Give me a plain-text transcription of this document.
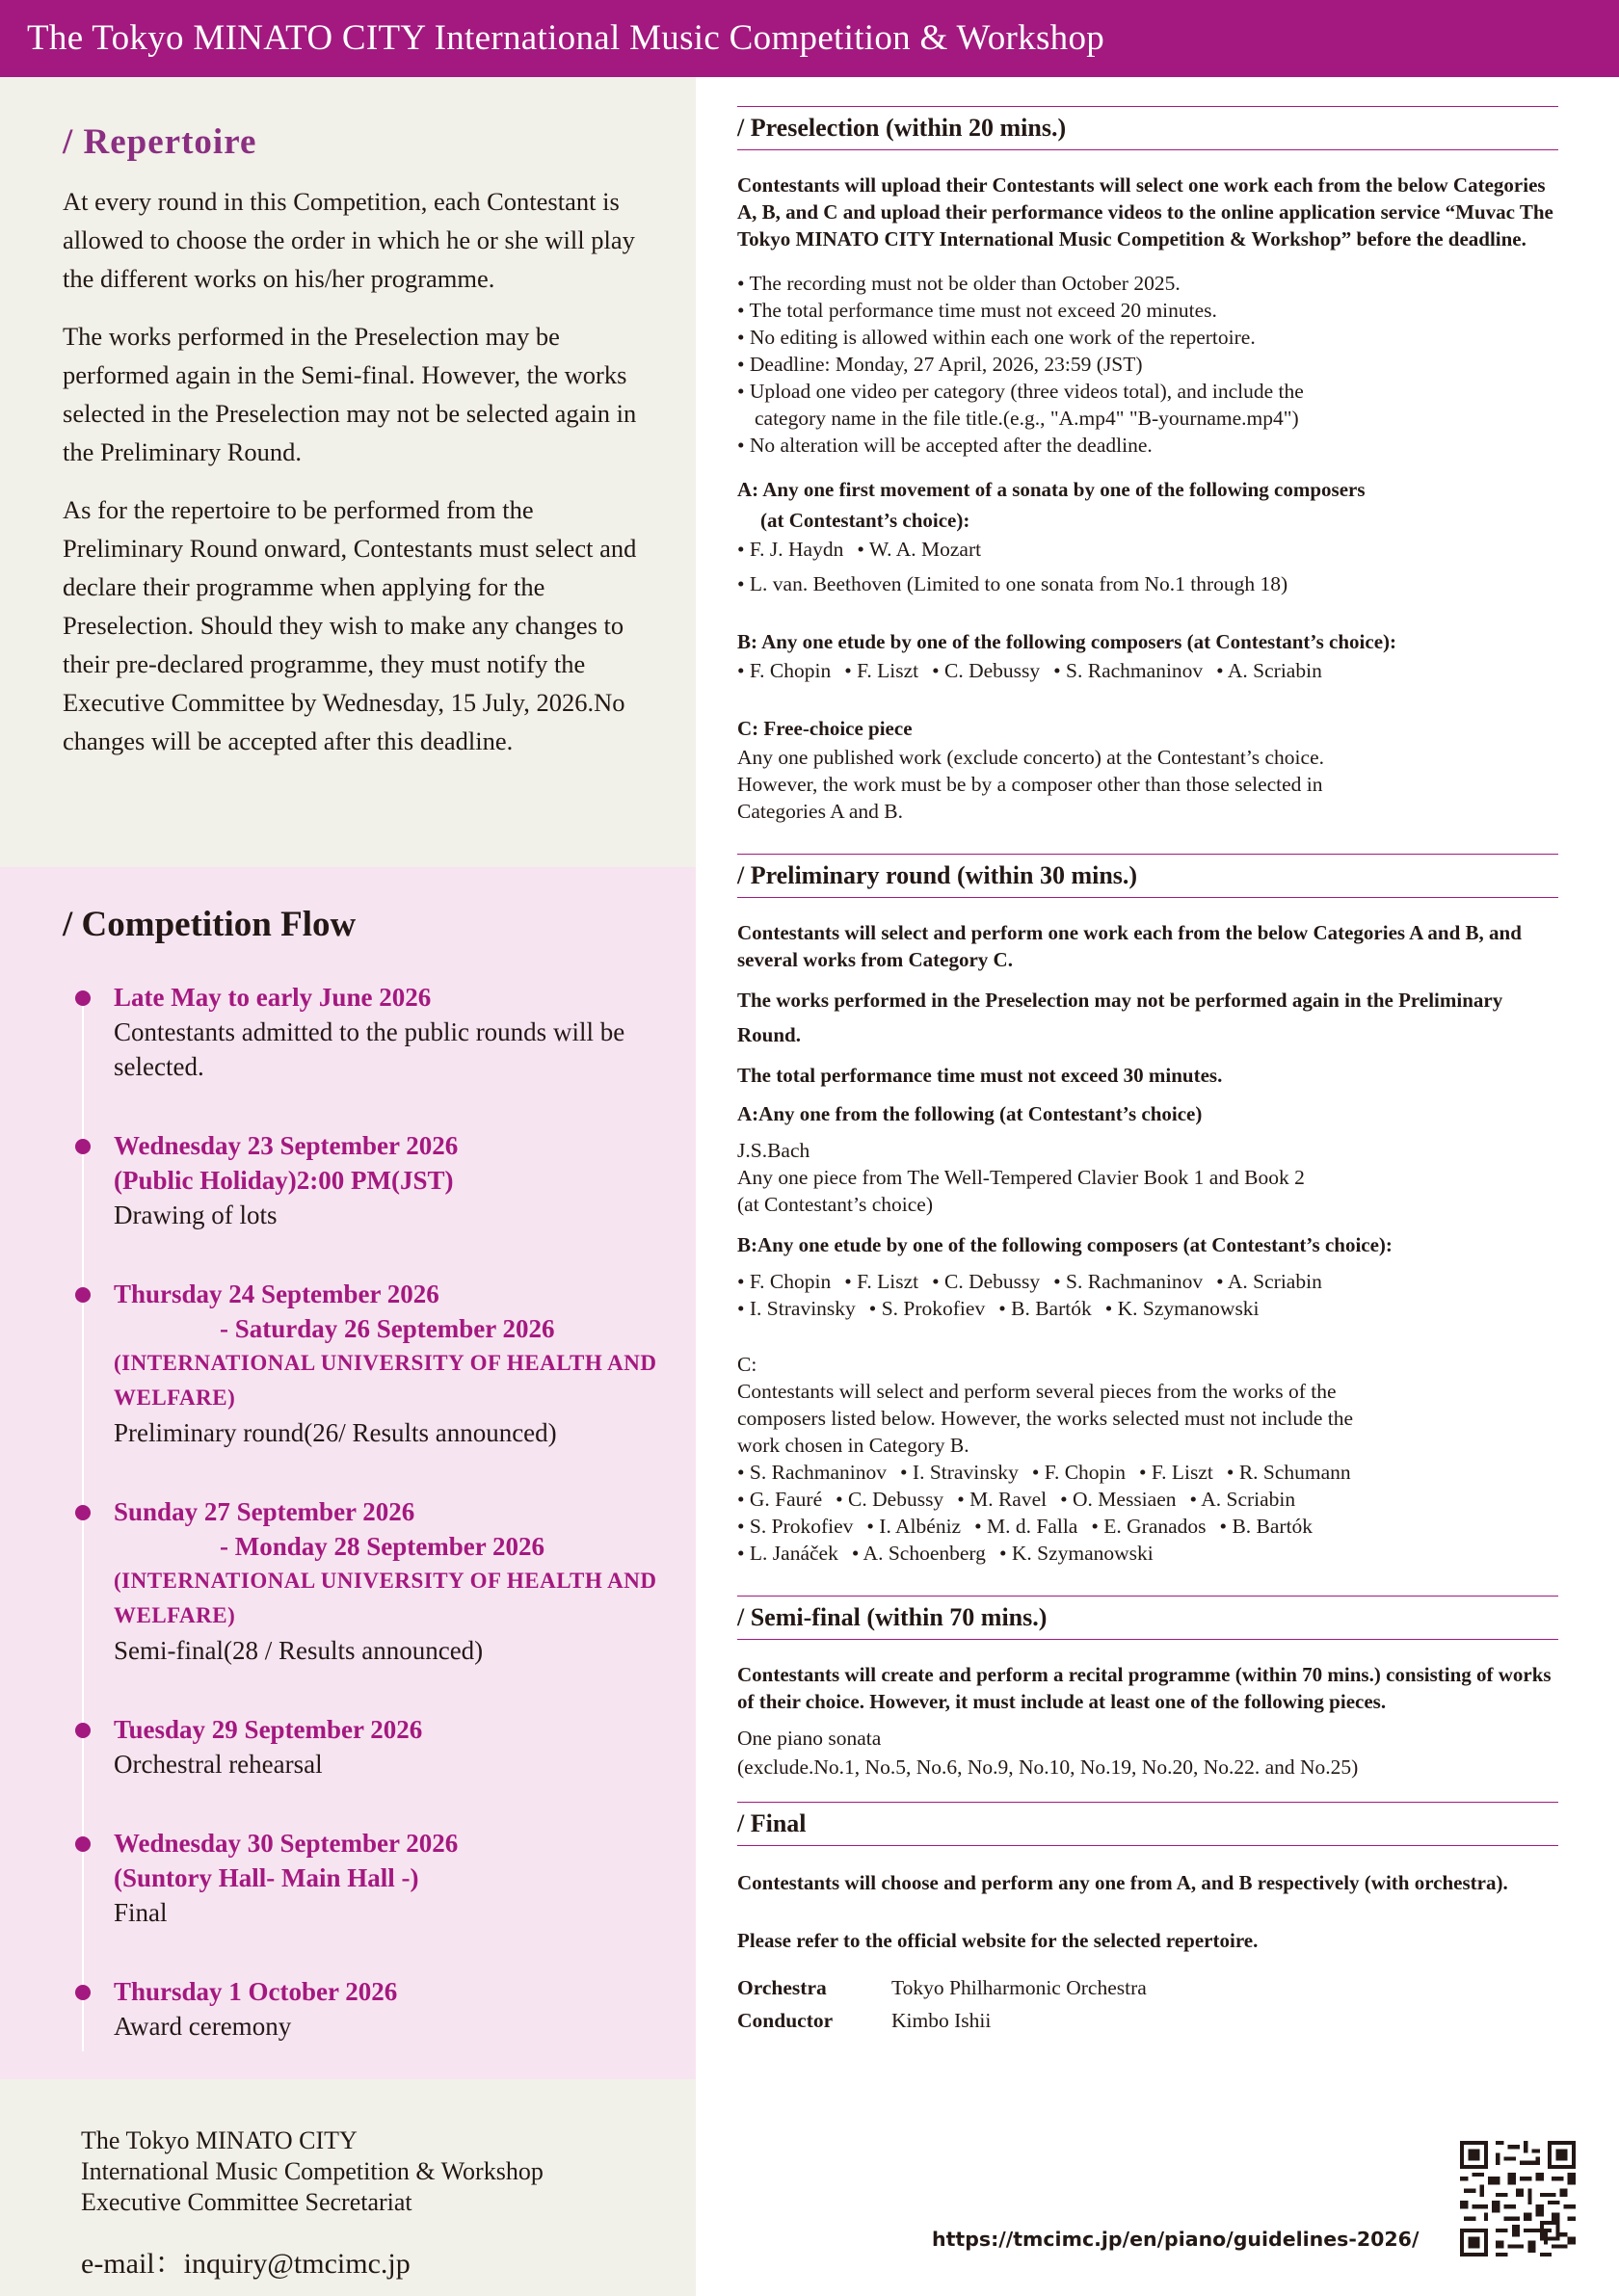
The Tokyo MINATO CITY International Music Competition & Workshop
/ Repertoire

At every round in this Competition, each Contestant is allowed to choose the order in which he or she will play the different works on his/her programme.

The works performed in the Preselection may be performed again in the Semi-final. However, the works selected in the Preselection may not be selected again in the Preliminary Round.

As for the repertoire to be performed from the Preliminary Round onward, Contestants must select and declare their programme when applying for the Preselection. Should they wish to make any changes to their pre-declared programme, they must notify the Executive Committee by Wednesday, 15 July, 2026.No changes will be accepted after this deadline.

/ Competition Flow
Late May to early June 2026
Contestants admitted to the public rounds will be selected.
Wednesday 23 September 2026
(Public Holiday)2:00 PM(JST)
Drawing of lots
Thursday 24 September 2026
- Saturday 26 September 2026
(INTERNATIONAL UNIVERSITY OF HEALTH AND WELFARE)
Preliminary round(26/ Results announced)
Sunday 27 September 2026
- Monday 28 September 2026
(INTERNATIONAL UNIVERSITY OF HEALTH AND WELFARE)
Semi-final(28 / Results announced)
Tuesday 29 September 2026
Orchestral rehearsal
Wednesday 30 September 2026
(Suntory Hall- Main Hall -)
Final
Thursday 1 October 2026
Award ceremony
The Tokyo MINATO CITY
International Music Competition & Workshop
Executive Committee Secretariat
e-mail：inquiry@tmcimc.jp
/ Preselection (within 20 mins.)
Contestants will upload their Contestants will select one work each from the below Categories A, B, and C and upload their performance videos to the online application service “Muvac The Tokyo MINATO CITY International Music Competition & Workshop” before the deadline.
• The recording must not be older than October 2025.
• The total performance time must not exceed 20 minutes.
• No editing is allowed within each one work of the repertoire.
• Deadline: Monday, 27 April, 2026, 23:59 (JST)
• Upload one video per category (three videos total), and include the
category name in the file title.(e.g., "A.mp4" "B-yourname.mp4")
• No alteration will be accepted after the deadline.
A: Any one first movement of a sonata by one of the following composers
(at Contestant’s choice):
• F. J. Haydn • W. A. Mozart
• L. van. Beethoven (Limited to one sonata from No.1 through 18)
B: Any one etude by one of the following composers (at Contestant’s choice):
• F. Chopin • F. Liszt • C. Debussy • S. Rachmaninov • A. Scriabin
C: Free-choice piece
Any one published work (exclude concerto) at the Contestant’s choice.
However, the work must be by a composer other than those selected in
Categories A and B.
/ Preliminary round (within 30 mins.)
Contestants will select and perform one work each from the below Categories A and B, and several works from Category C.
The works performed in the Preselection may not be performed again in the Preliminary Round.
The total performance time must not exceed 30 minutes.
A:Any one from the following (at Contestant’s choice)
J.S.Bach
Any one piece from The Well-Tempered Clavier Book 1 and Book 2
(at Contestant’s choice)
B:Any one etude by one of the following composers (at Contestant’s choice):
• F. Chopin • F. Liszt • C. Debussy • S. Rachmaninov • A. Scriabin
• I. Stravinsky • S. Prokofiev • B. Bartók • K. Szymanowski
C:
Contestants will select and perform several pieces from the works of the
composers listed below. However, the works selected must not include the
work chosen in Category B.
• S. Rachmaninov • I. Stravinsky • F. Chopin • F. Liszt • R. Schumann
• G. Fauré • C. Debussy • M. Ravel • O. Messiaen • A. Scriabin
• S. Prokofiev • I. Albéniz • M. d. Falla • E. Granados • B. Bartók
• L. Janáček • A. Schoenberg • K. Szymanowski
/ Semi-final (within 70 mins.)
Contestants will create and perform a recital programme (within 70 mins.) consisting of works of their choice. However, it must include at least one of the following pieces.
One piano sonata
(exclude.No.1, No.5, No.6, No.9, No.10, No.19, No.20, No.22. and No.25)
/ Final
Contestants will choose and perform any one from A, and B respectively (with orchestra).
Please refer to the official website for the selected repertoire.
Orchestra	Tokyo Philharmonic Orchestra
Conductor	Kimbo Ishii
https://tmcimc.jp/en/piano/guidelines-2026/
